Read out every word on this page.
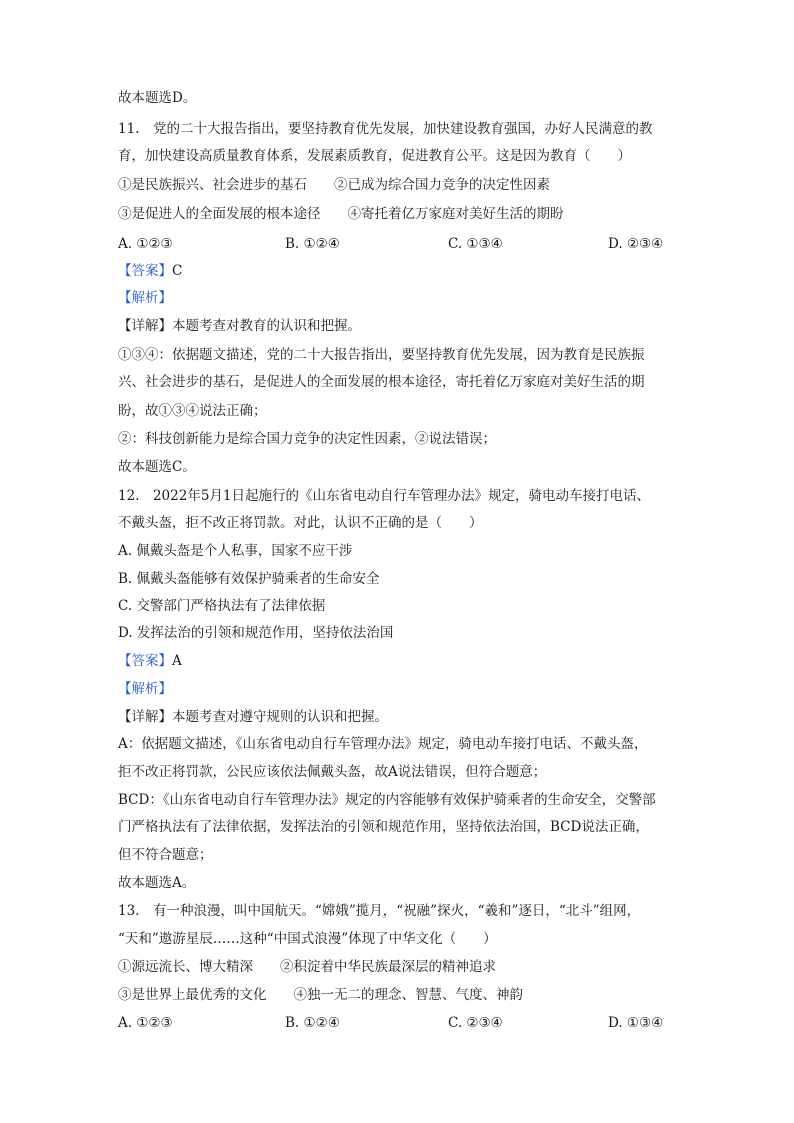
故本题选D。
11.　党的二十大报告指出，要坚持教育优先发展，加快建设教育强国，办好人民满意的教
育，加快建设高质量教育体系，发展素质教育，促进教育公平。这是因为教育（　　）
①是民族振兴、社会进步的基石　　②已成为综合国力竞争的决定性因素
③是促进人的全面发展的根本途径　　④寄托着亿万家庭对美好生活的期盼
A. ①②③	B. ①②④	C. ①③④	D. ②③④
【答案】C
【解析】
【详解】本题考查对教育的认识和把握。
①③④：依据题文描述，党的二十大报告指出，要坚持教育优先发展，因为教育是民族振
兴、社会进步的基石，是促进人的全面发展的根本途径，寄托着亿万家庭对美好生活的期
盼，故①③④说法正确；
②：科技创新能力是综合国力竞争的决定性因素，②说法错误；
故本题选C。
12.　2022年5月1日起施行的《山东省电动自行车管理办法》规定，骑电动车接打电话、
不戴头盔，拒不改正将罚款。对此，认识不正确的是（　　）
A. 佩戴头盔是个人私事，国家不应干涉
B. 佩戴头盔能够有效保护骑乘者的生命安全
C. 交警部门严格执法有了法律依据
D. 发挥法治的引领和规范作用，坚持依法治国
【答案】A
【解析】
【详解】本题考查对遵守规则的认识和把握。
A：依据题文描述，《山东省电动自行车管理办法》规定，骑电动车接打电话、不戴头盔，
拒不改正将罚款，公民应该依法佩戴头盔，故A说法错误，但符合题意；
BCD：《山东省电动自行车管理办法》规定的内容能够有效保护骑乘者的生命安全，交警部
门严格执法有了法律依据，发挥法治的引领和规范作用，坚持依法治国，BCD说法正确，
但不符合题意；
故本题选A。
13.　有一种浪漫，叫中国航天。“嫦娥”揽月，“祝融”探火，“羲和”逐日，“北斗”组网，
“天和”遨游星辰……这种“中国式浪漫”体现了中华文化（　　）
①源远流长、博大精深　　②积淀着中华民族最深层的精神追求
③是世界上最优秀的文化　　④独一无二的理念、智慧、气度、神韵
A. ①②③	B. ①②④	C. ②③④	D. ①③④
